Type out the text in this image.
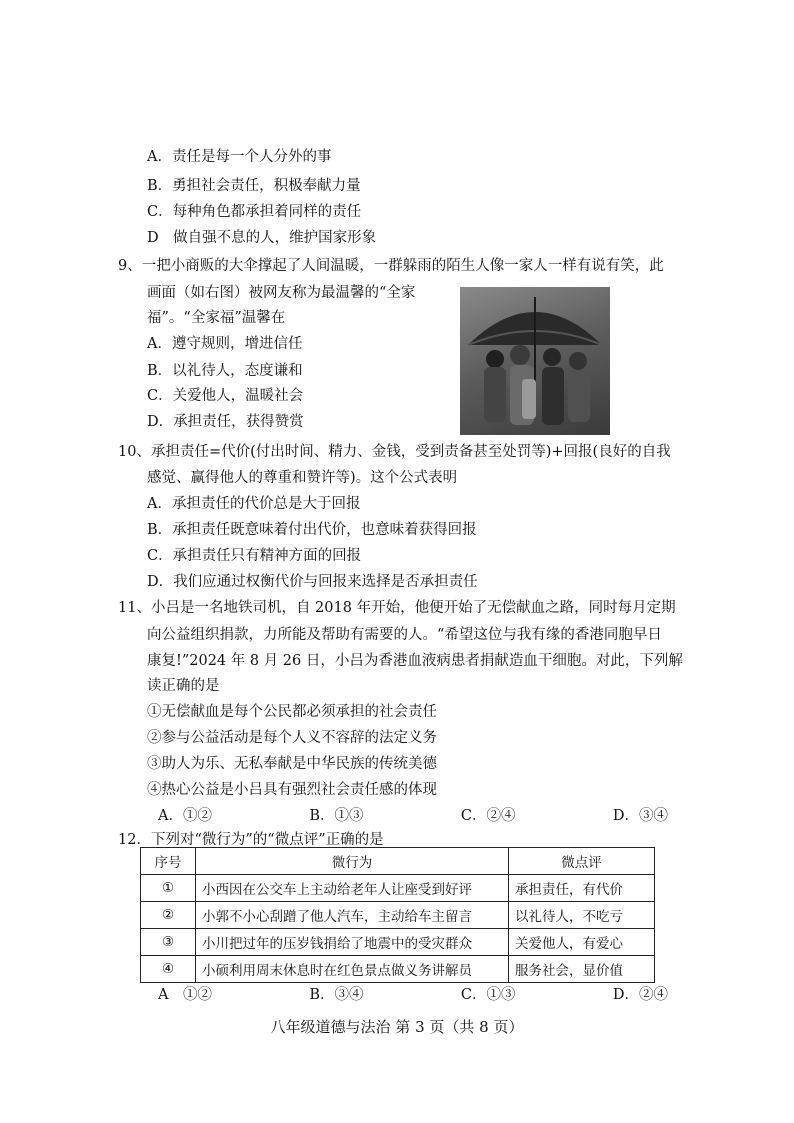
A．责任是每一个人分外的事
B．勇担社会责任，积极奉献力量
C．每种角色都承担着同样的责任
D　做自强不息的人，维护国家形象
9、一把小商贩的大伞撑起了人间温暖，一群躲雨的陌生人像一家人一样有说有笑，此
画面（如右图）被网友称为最温馨的“全家
福”。“全家福”温馨在
A．遵守规则，增进信任
B．以礼待人，态度谦和
C．关爱他人，温暖社会
D．承担责任，获得赞赏
10、承担责任=代价(付出时间、精力、金钱，受到责备甚至处罚等)+回报(良好的自我
感觉、赢得他人的尊重和赞许等)。这个公式表明
A．承担责任的代价总是大于回报
B．承担责任既意味着付出代价，也意味着获得回报
C．承担责任只有精神方面的回报
D．我们应通过权衡代价与回报来选择是否承担责任
11、小吕是一名地铁司机，自 2018 年开始，他便开始了无偿献血之路，同时每月定期
向公益组织捐款，力所能及帮助有需要的人。“希望这位与我有缘的香港同胞早日
康复!”2024 年 8 月 26 日，小吕为香港血液病患者捐献造血干细胞。对此，下列解
读正确的是
①无偿献血是每个公民都必须承担的社会责任
②参与公益活动是每个人义不容辞的法定义务
③助人为乐、无私奉献是中华民族的传统美德
④热心公益是小吕具有强烈社会责任感的体现
A．①②	B．①③	C．②④	D．③④
12．下列对“微行为”的“微点评”正确的是
序号	微行为	微点评
①	小西因在公交车上主动给老年人让座受到好评	承担责任，有代价
②	小郭不小心刮蹭了他人汽车，主动给车主留言	以礼待人，不吃亏
③	小川把过年的压岁钱捐给了地震中的受灾群众	关爱他人，有爱心
④	小硕利用周末休息时在红色景点做义务讲解员	服务社会，显价值
A　①②	B．③④	C．①③	D．②④
八年级道德与法治 第 3 页（共 8 页）
